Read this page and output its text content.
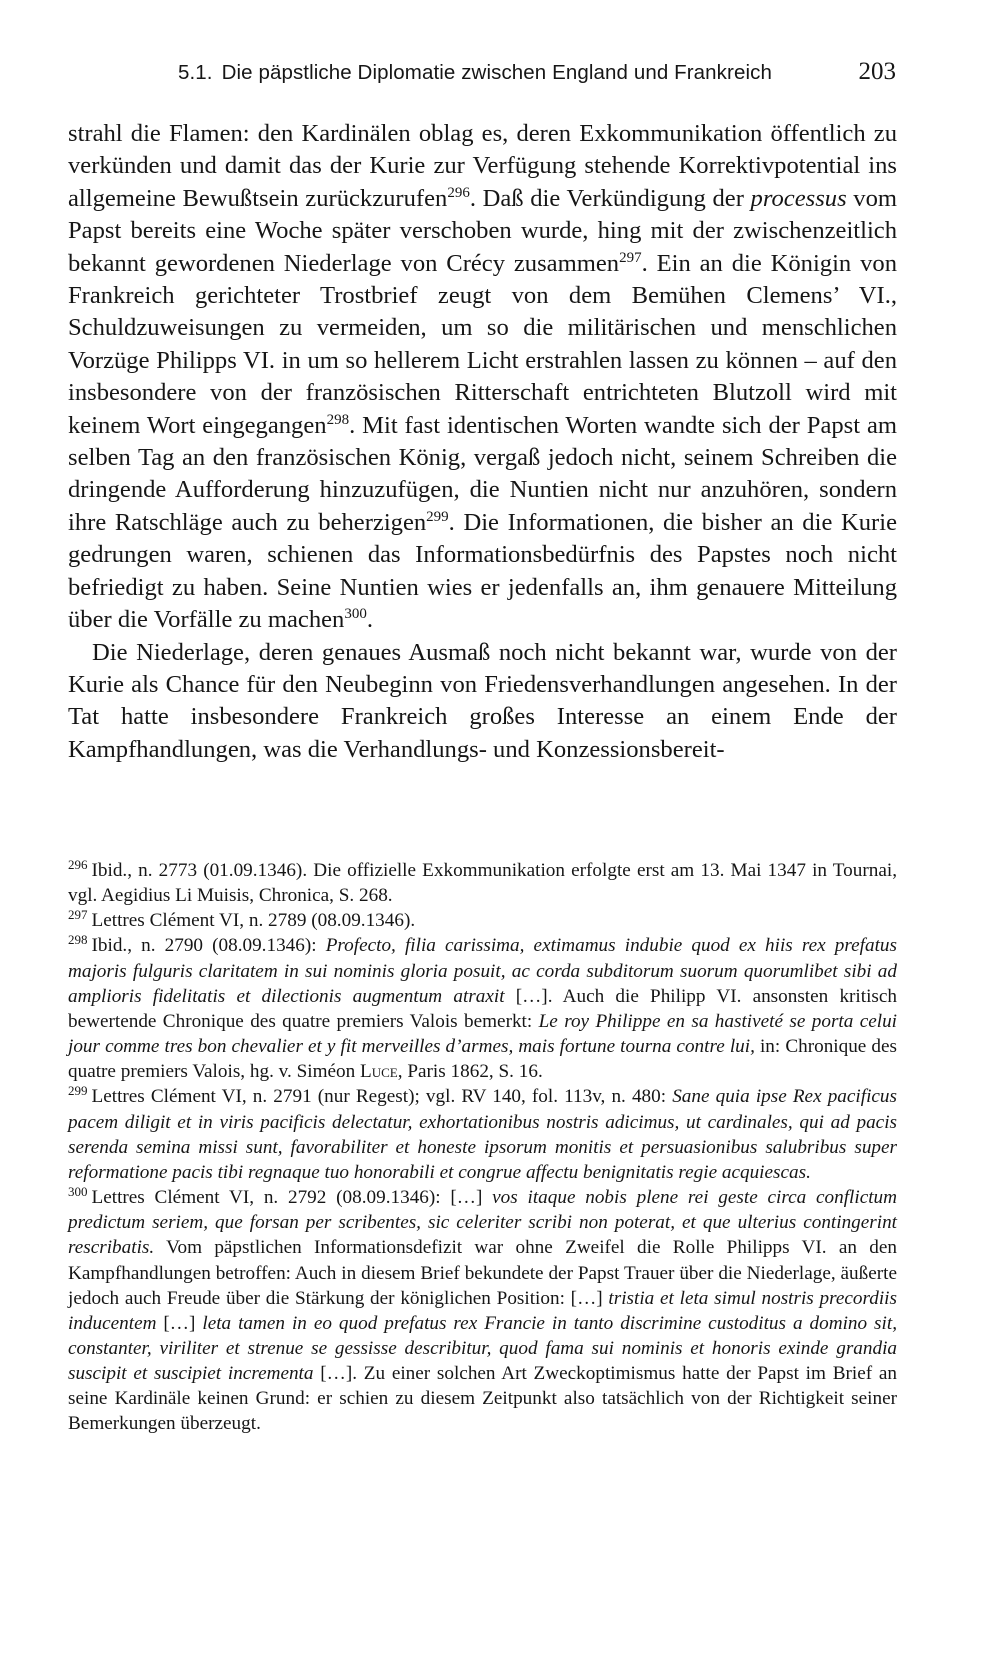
5.1. Die päpstliche Diplomatie zwischen England und Frankreich	203

strahl die Flamen: den Kardinälen oblag es, deren Exkommunikation öffentlich zu verkünden und damit das der Kurie zur Verfügung stehende Korrektivpotential ins allgemeine Bewußtsein zurückzurufen$^{296}$. Daß die Verkündigung der processus vom Papst bereits eine Woche später verschoben wurde, hing mit der zwischenzeitlich bekannt gewordenen Niederlage von Crécy zusammen$^{297}$. Ein an die Königin von Frankreich gerichteter Trostbrief zeugt von dem Bemühen Clemens’ VI., Schuldzuweisungen zu vermeiden, um so die militärischen und menschlichen Vorzüge Philipps VI. in um so hellerem Licht erstrahlen lassen zu können – auf den insbesondere von der französischen Ritterschaft entrichteten Blutzoll wird mit keinem Wort eingegangen$^{298}$. Mit fast identischen Worten wandte sich der Papst am selben Tag an den französischen König, vergaß jedoch nicht, seinem Schreiben die dringende Aufforderung hinzuzufügen, die Nuntien nicht nur anzuhören, sondern ihre Ratschläge auch zu beherzigen$^{299}$. Die Informationen, die bisher an die Kurie gedrungen waren, schienen das Informationsbedürfnis des Papstes noch nicht befriedigt zu haben. Seine Nuntien wies er jedenfalls an, ihm genauere Mitteilung über die Vorfälle zu machen$^{300}$.

Die Niederlage, deren genaues Ausmaß noch nicht bekannt war, wurde von der Kurie als Chance für den Neubeginn von Friedensverhandlungen angesehen. In der Tat hatte insbesondere Frankreich großes Interesse an einem Ende der Kampfhandlungen, was die Verhandlungs- und Konzessionsbereit-

$^{296}$ Ibid., n. 2773 (01.09.1346). Die offizielle Exkommunikation erfolgte erst am 13. Mai 1347 in Tournai, vgl. Aegidius Li Muisis, Chronica, S. 268.

$^{297}$ Lettres Clément VI, n. 2789 (08.09.1346).

$^{298}$ Ibid., n. 2790 (08.09.1346): Profecto, filia carissima, extimamus indubie quod ex hiis rex prefatus majoris fulguris claritatem in sui nominis gloria posuit, ac corda subditorum suorum quorumlibet sibi ad amplioris fidelitatis et dilectionis augmentum atraxit […]. Auch die Philipp VI. ansonsten kritisch bewertende Chronique des quatre premiers Valois bemerkt: Le roy Philippe en sa hastiveté se porta celui jour comme tres bon chevalier et y fit merveilles d’armes, mais fortune tourna contre lui, in: Chronique des quatre premiers Valois, hg. v. Siméon Luce, Paris 1862, S. 16.

$^{299}$ Lettres Clément VI, n. 2791 (nur Regest); vgl. RV 140, fol. 113v, n. 480: Sane quia ipse Rex pacificus pacem diligit et in viris pacificis delectatur, exhortationibus nostris adicimus, ut cardinales, qui ad pacis serenda semina missi sunt, favorabiliter et honeste ipsorum monitis et persuasionibus salubribus super reformatione pacis tibi regnaque tuo honorabili et congrue affectu benignitatis regie acquiescas.

$^{300}$ Lettres Clément VI, n. 2792 (08.09.1346): […] vos itaque nobis plene rei geste circa conflictum predictum seriem, que forsan per scribentes, sic celeriter scribi non poterat, et que ulterius contingerint rescribatis. Vom päpstlichen Informationsdefizit war ohne Zweifel die Rolle Philipps VI. an den Kampfhandlungen betroffen: Auch in diesem Brief bekundete der Papst Trauer über die Niederlage, äußerte jedoch auch Freude über die Stärkung der königlichen Position: […] tristia et leta simul nostris precordiis inducentem […] leta tamen in eo quod prefatus rex Francie in tanto discrimine custoditus a domino sit, constanter, viriliter et strenue se gessisse describitur, quod fama sui nominis et honoris exinde grandia suscipit et suscipiet incrementa […]. Zu einer solchen Art Zweckoptimismus hatte der Papst im Brief an seine Kardinäle keinen Grund: er schien zu diesem Zeitpunkt also tatsächlich von der Richtigkeit seiner Bemerkungen überzeugt.
